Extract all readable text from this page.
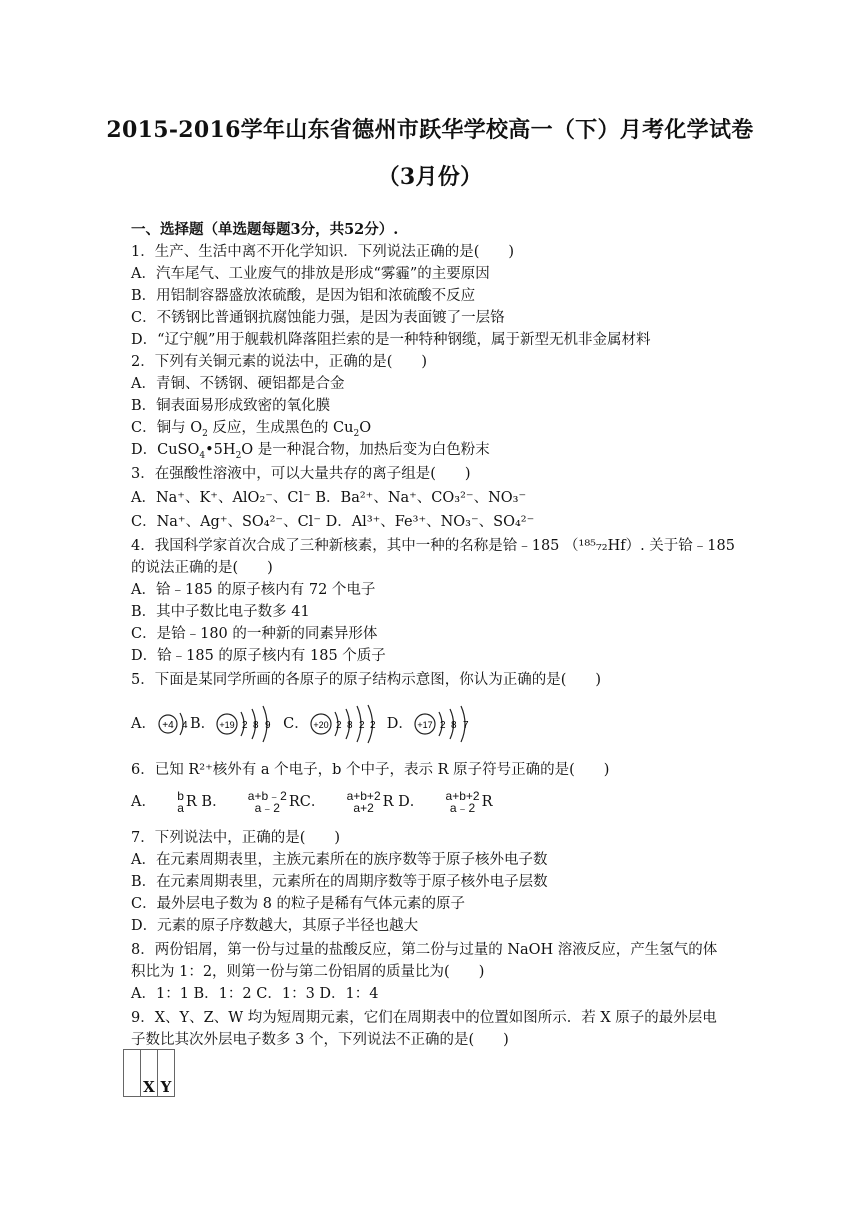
2015-2016学年山东省德州市跃华学校高一（下）月考化学试卷
（3月份）
一、选择题（单选题每题3分，共52分）.
1．生产、生活中离不开化学知识．下列说法正确的是(　　)
A．汽车尾气、工业废气的排放是形成“雾霾”的主要原因
B．用铝制容器盛放浓硫酸，是因为铝和浓硫酸不反应
C．不锈钢比普通钢抗腐蚀能力强，是因为表面镀了一层铬
D．“辽宁舰”用于舰载机降落阻拦索的是一种特种钢缆，属于新型无机非金属材料
2．下列有关铜元素的说法中，正确的是(　　)
A．青铜、不锈钢、硬铝都是合金
B．铜表面易形成致密的氧化膜
C．铜与 $O_2$ 反应，生成黑色的 $Cu_2O$
D．$CuSO_4•5H_2O$ 是一种混合物，加热后变为白色粉末
3．在强酸性溶液中，可以大量共存的离子组是(　　)
A．Na⁺、K⁺、AlO₂⁻、Cl⁻ B．Ba²⁺、Na⁺、CO₃²⁻、NO₃⁻
C．Na⁺、Ag⁺、SO₄²⁻、Cl⁻ D．Al³⁺、Fe³⁺、NO₃⁻、SO₄²⁻
4．我国科学家首次合成了三种新核素，其中一种的名称是铪﹣185 （¹⁸⁵₇₂Hf）. 关于铪﹣185
的说法正确的是(　　)
A．铪﹣185 的原子核内有 72 个电子
B．其中子数比电子数多 41
C．是铪﹣180 的一种新的同素异形体
D．铪﹣185 的原子核内有 185 个质子
5．下面是某同学所画的各原子的原子结构示意图，你认为正确的是(　　)
A． +4 4 B． +19 2 8 9 C． +20 2 8 2 2 D． +17 2 8 7
6．已知 R²⁺核外有 a 个电子，b 个中子，表示 R 原子符号正确的是(　　)
A． b
a R B． a+b﹣2
a﹣2 RC． a+b+2
a+2 R D． a+b+2
a﹣2 R
7．下列说法中，正确的是(　　)
A．在元素周期表里，主族元素所在的族序数等于原子核外电子数
B．在元素周期表里，元素所在的周期序数等于原子核外电子层数
C．最外层电子数为 8 的粒子是稀有气体元素的原子
D．元素的原子序数越大，其原子半径也越大
8．两份铝屑，第一份与过量的盐酸反应，第二份与过量的 NaOH 溶液反应，产生氢气的体
积比为 1：2，则第一份与第二份铝屑的质量比为(　　)
A．1：1 B．1：2 C．1：3 D．1：4
9．X、Y、Z、W 均为短周期元素，它们在周期表中的位置如图所示．若 X 原子的最外层电
子数比其次外层电子数多 3 个，下列说法不正确的是(　　)
	X	Y
